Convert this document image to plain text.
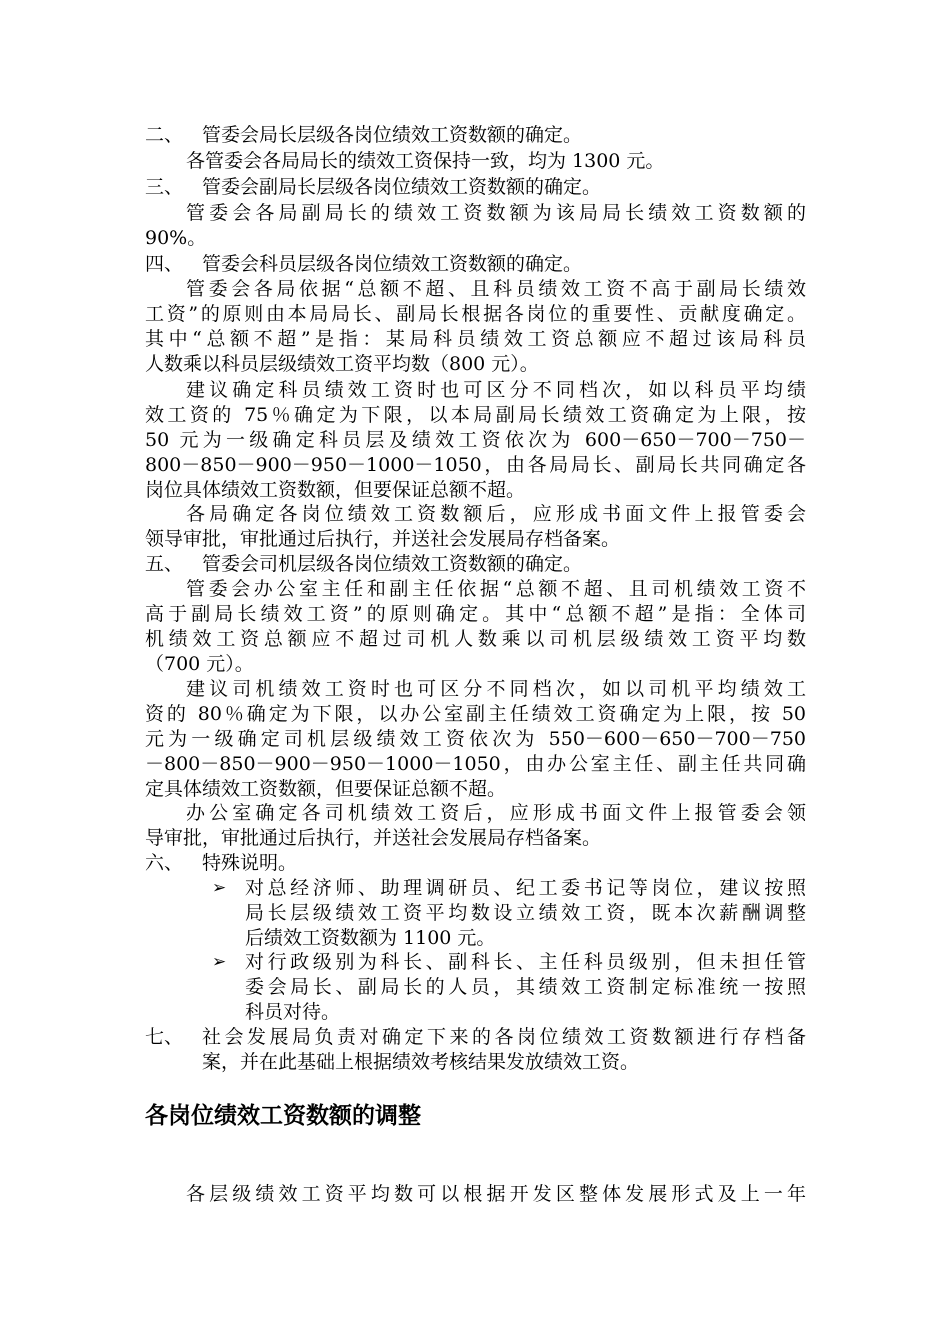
二、 管委会局长层级各岗位绩效工资数额的确定。
各管委会各局局长的绩效工资保持一致，均为 1300 元。
三、 管委会副局长层级各岗位绩效工资数额的确定。
管委会各局副局长的绩效工资数额为该局局长绩效工资数额的
90%。
四、 管委会科员层级各岗位绩效工资数额的确定。
管委会各局依据“总额不超、且科员绩效工资不高于副局长绩效
工资”的原则由本局局长、副局长根据各岗位的重要性、贡献度确定。
其中“总额不超”是指：某局科员绩效工资总额应不超过该局科员
人数乘以科员层级绩效工资平均数（800 元）。
建议确定科员绩效工资时也可区分不同档次，如以科员平均绩
效工资的 75％确定为下限，以本局副局长绩效工资确定为上限，按
50 元为一级确定科员层及绩效工资依次为 600－650－700－750－
800－850－900－950－1000－1050，由各局局长、副局长共同确定各
岗位具体绩效工资数额，但要保证总额不超。
各局确定各岗位绩效工资数额后，应形成书面文件上报管委会
领导审批，审批通过后执行，并送社会发展局存档备案。
五、 管委会司机层级各岗位绩效工资数额的确定。
管委会办公室主任和副主任依据“总额不超、且司机绩效工资不
高于副局长绩效工资”的原则确定。其中“总额不超”是指：全体司
机绩效工资总额应不超过司机人数乘以司机层级绩效工资平均数
（700 元）。
建议司机绩效工资时也可区分不同档次，如以司机平均绩效工
资的 80％确定为下限，以办公室副主任绩效工资确定为上限，按 50
元为一级确定司机层级绩效工资依次为 550－600－650－700－750
－800－850－900－950－1000－1050，由办公室主任、副主任共同确
定具体绩效工资数额，但要保证总额不超。
办公室确定各司机绩效工资后，应形成书面文件上报管委会领
导审批，审批通过后执行，并送社会发展局存档备案。
六、 特殊说明。
➢ 对总经济师、助理调研员、纪工委书记等岗位，建议按照
局长层级绩效工资平均数设立绩效工资，既本次薪酬调整
后绩效工资数额为 1100 元。
➢ 对行政级别为科长、副科长、主任科员级别，但未担任管
委会局长、副局长的人员，其绩效工资制定标准统一按照
科员对待。
七、 社会发展局负责对确定下来的各岗位绩效工资数额进行存档备
案，并在此基础上根据绩效考核结果发放绩效工资。
各岗位绩效工资数额的调整
各层级绩效工资平均数可以根据开发区整体发展形式及上一年
